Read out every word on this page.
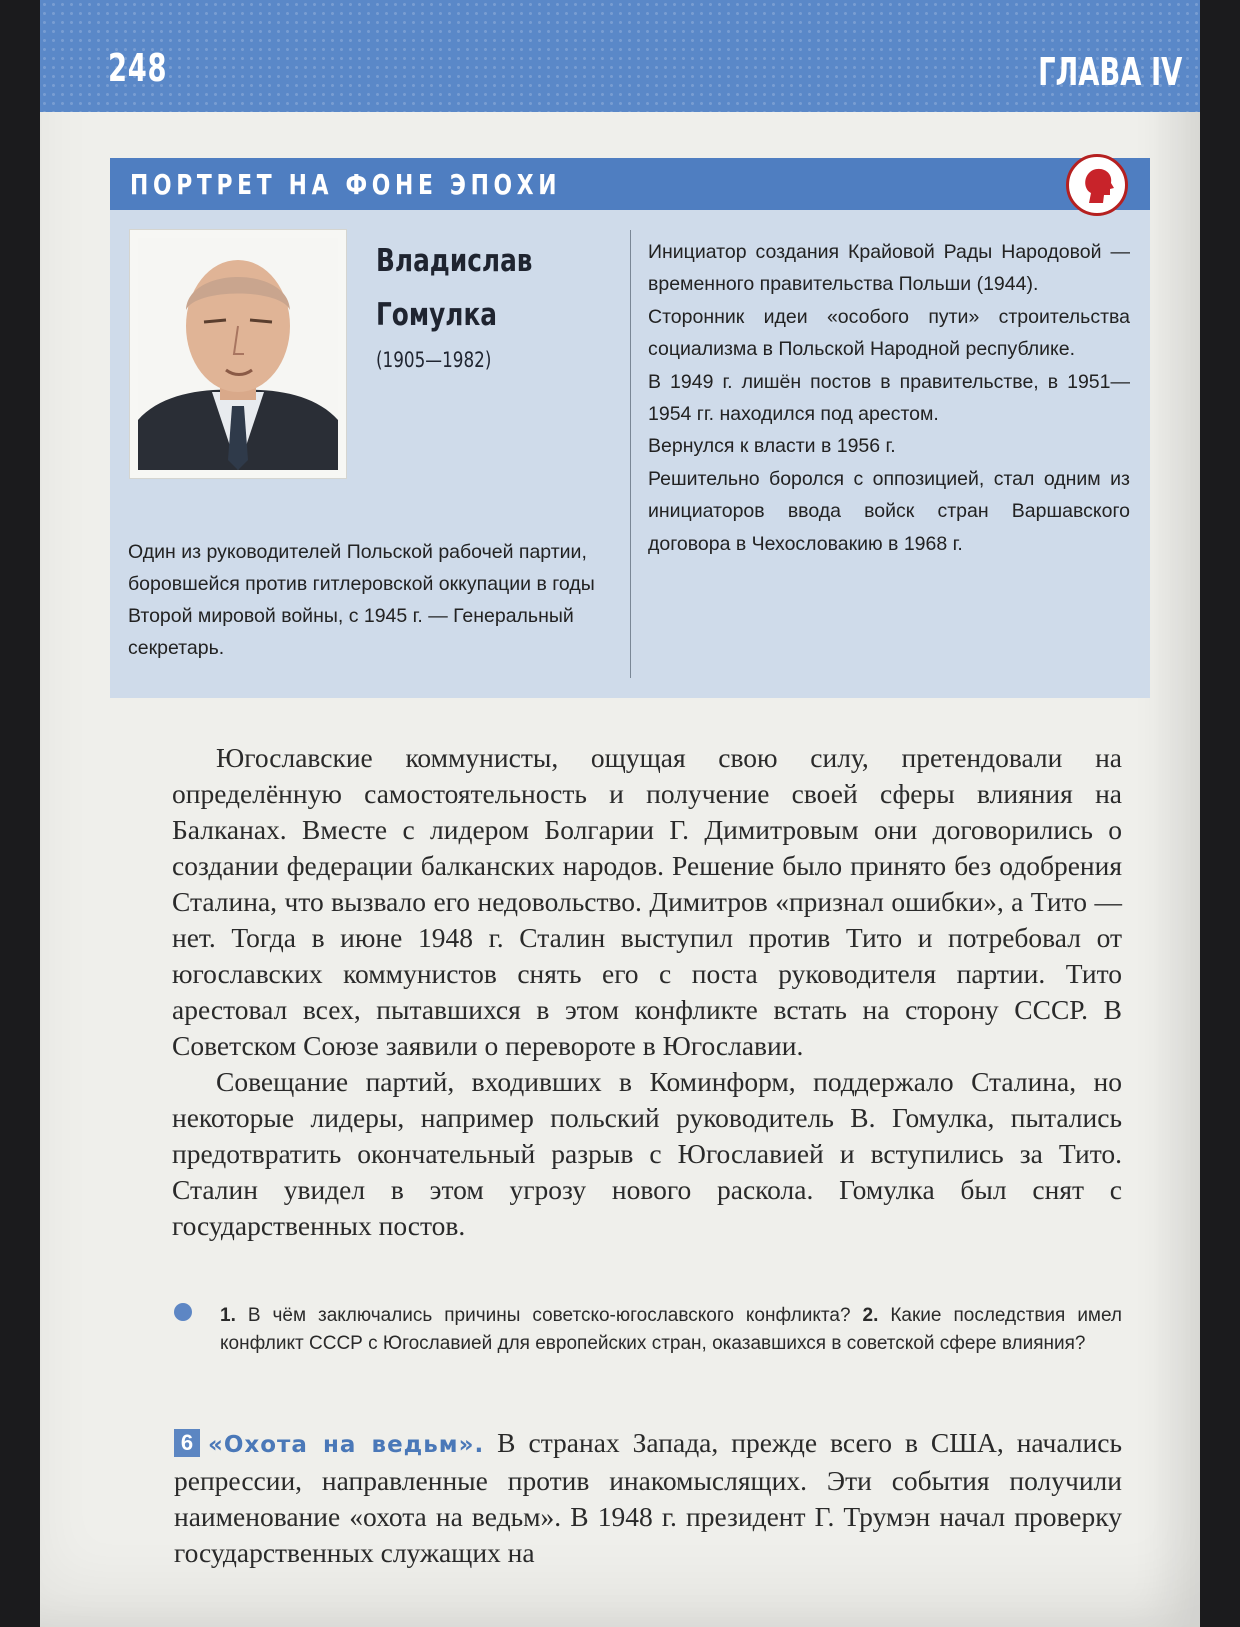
248	ГЛАВА IV
ПОРТРЕТ НА ФОНЕ ЭПОХИ
Владислав
Гомулка
(1905—1982)
Один из руководителей Польской рабочей партии, боровшейся против гитлеровской оккупации в годы Второй мировой войны, с 1945 г. — Генеральный секретарь.

Инициатор создания Крайовой Рады Народовой — временного правительства Польши (1944).

Сторонник идеи «особого пути» строительства социализма в Польской Народной республике.

В 1949 г. лишён постов в правительстве, в 1951—1954 гг. находился под арестом.

Вернулся к власти в 1956 г.

Решительно боролся с оппозицией, стал одним из инициаторов ввода войск стран Варшавского договора в Чехословакию в 1968 г.

Югославские коммунисты, ощущая свою силу, претендовали на определённую самостоятельность и получение своей сферы влияния на Балканах. Вместе с лидером Болгарии Г. Димитровым они договорились о создании федерации балканских народов. Решение было принято без одобрения Сталина, что вызвало его недовольство. Димитров «признал ошибки», а Тито — нет. Тогда в июне 1948 г. Сталин выступил против Тито и потребовал от югославских коммунистов снять его с поста руководителя партии. Тито арестовал всех, пытавшихся в этом конфликте встать на сторону СССР. В Советском Союзе заявили о перевороте в Югославии.

Совещание партий, входивших в Коминформ, поддержало Сталина, но некоторые лидеры, например польский руководитель В. Гомулка, пытались предотвратить окончательный разрыв с Югославией и вступились за Тито. Сталин увидел в этом угрозу нового раскола. Гомулка был снят с государственных постов.

1. В чём заключались причины советско-югославского конфликта? 2. Какие последствия имел конфликт СССР с Югославией для европейских стран, оказавшихся в советской сфере влияния?
6 «Охота на ведьм». В странах Запада, прежде всего в США, начались репрессии, направленные против инакомыслящих. Эти события получили наименование «охота на ведьм». В 1948 г. президент Г. Трумэн начал проверку государственных служащих на
